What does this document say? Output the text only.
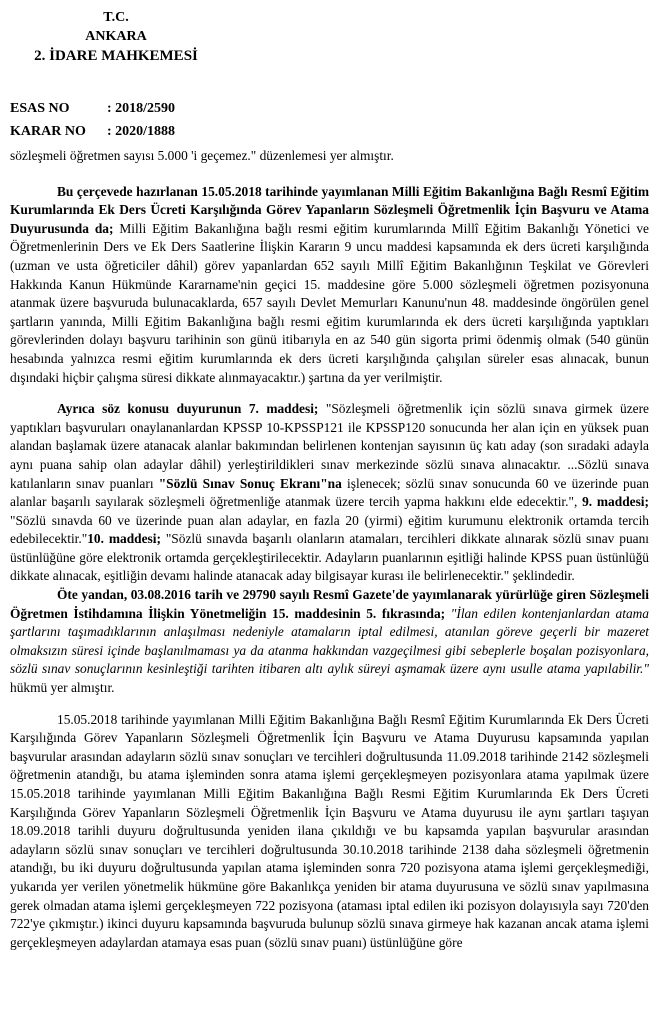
T.C.
ANKARA
2. İDARE MAHKEMESİ
ESAS NO	: 2018/2590
KARAR NO	: 2020/1888

sözleşmeli öğretmen sayısı 5.000 'i geçemez." düzenlemesi yer almıştır.

Bu çerçevede hazırlanan 15.05.2018 tarihinde yayımlanan Milli Eğitim Bakanlığına Bağlı Resmî Eğitim Kurumlarında Ek Ders Ücreti Karşılığında Görev Yapanların Sözleşmeli Öğretmenlik İçin Başvuru ve Atama Duyurusunda da; Milli Eğitim Bakanlığına bağlı resmi eğitim kurumlarında Millî Eğitim Bakanlığı Yönetici ve Öğretmenlerinin Ders ve Ek Ders Saatlerine İlişkin Kararın 9 uncu maddesi kapsamında ek ders ücreti karşılığında (uzman ve usta öğreticiler dâhil) görev yapanlardan 652 sayılı Millî Eğitim Bakanlığının Teşkilat ve Görevleri Hakkında Kanun Hükmünde Kararname'nin geçici 15. maddesine göre 5.000 sözleşmeli öğretmen pozisyonuna atanmak üzere başvuruda bulunacaklarda, 657 sayılı Devlet Memurları Kanunu'nun 48. maddesinde öngörülen genel şartların yanında, Milli Eğitim Bakanlığına bağlı resmi eğitim kurumlarında ek ders ücreti karşılığında yaptıkları görevlerinden dolayı başvuru tarihinin son günü itibarıyla en az 540 gün sigorta primi ödenmiş olmak (540 günün hesabında yalnızca resmi eğitim kurumlarında ek ders ücreti karşılığında çalışılan süreler esas alınacak, bunun dışındaki hiçbir çalışma süresi dikkate alınmayacaktır.) şartına da yer verilmiştir.

Ayrıca söz konusu duyurunun 7. maddesi; "Sözleşmeli öğretmenlik için sözlü sınava girmek üzere yaptıkları başvuruları onaylananlardan KPSSP 10-KPSSP121 ile KPSSP120 sonucunda her alan için en yüksek puan alandan başlamak üzere atanacak alanlar bakımından belirlenen kontenjan sayısının üç katı aday (son sıradaki adayla aynı puana sahip olan adaylar dâhil) yerleştirildikleri sınav merkezinde sözlü sınava alınacaktır. ...Sözlü sınava katılanların sınav puanları "Sözlü Sınav Sonuç Ekranı"na işlenecek; sözlü sınav sonucunda 60 ve üzerinde puan alanlar başarılı sayılarak sözleşmeli öğretmenliğe atanmak üzere tercih yapma hakkını elde edecektir.", 9. maddesi; "Sözlü sınavda 60 ve üzerinde puan alan adaylar, en fazla 20 (yirmi) eğitim kurumunu elektronik ortamda tercih edebilecektir."10. maddesi; "Sözlü sınavda başarılı olanların atamaları, tercihleri dikkate alınarak sözlü sınav puanı üstünlüğüne göre elektronik ortamda gerçekleştirilecektir. Adayların puanlarının eşitliği halinde KPSS puan üstünlüğü dikkate alınacak, eşitliğin devamı halinde atanacak aday bilgisayar kurası ile belirlenecektir." şeklindedir.

Öte yandan, 03.08.2016 tarih ve 29790 sayılı Resmî Gazete'de yayımlanarak yürürlüğe giren Sözleşmeli Öğretmen İstihdamına İlişkin Yönetmeliğin 15. maddesinin 5. fıkrasında; "İlan edilen kontenjanlardan atama şartlarını taşımadıklarının anlaşılması nedeniyle atamaların iptal edilmesi, atanılan göreve geçerli bir mazeret olmaksızın süresi içinde başlanılmaması ya da atanma hakkından vazgeçilmesi gibi sebeplerle boşalan pozisyonlara, sözlü sınav sonuçlarının kesinleştiği tarihten itibaren altı aylık süreyi aşmamak üzere aynı usulle atama yapılabilir." hükmü yer almıştır.

15.05.2018 tarihinde yayımlanan Milli Eğitim Bakanlığına Bağlı Resmî Eğitim Kurumlarında Ek Ders Ücreti Karşılığında Görev Yapanların Sözleşmeli Öğretmenlik İçin Başvuru ve Atama Duyurusu kapsamında yapılan başvurular arasından adayların sözlü sınav sonuçları ve tercihleri doğrultusunda 11.09.2018 tarihinde 2142 sözleşmeli öğretmenin atandığı, bu atama işleminden sonra atama işlemi gerçekleşmeyen pozisyonlara atama yapılmak üzere 15.05.2018 tarihinde yayımlanan Milli Eğitim Bakanlığına Bağlı Resmi Eğitim Kurumlarında Ek Ders Ücreti Karşılığında Görev Yapanların Sözleşmeli Öğretmenlik İçin Başvuru ve Atama duyurusu ile aynı şartları taşıyan 18.09.2018 tarihli duyuru doğrultusunda yeniden ilana çıkıldığı ve bu kapsamda yapılan başvurular arasından adayların sözlü sınav sonuçları ve tercihleri doğrultusunda 30.10.2018 tarihinde 2138 daha sözleşmeli öğretmenin atandığı, bu iki duyuru doğrultusunda yapılan atama işleminden sonra 720 pozisyona atama işlemi gerçekleşmediği, yukarıda yer verilen yönetmelik hükmüne göre Bakanlıkça yeniden bir atama duyurusuna ve sözlü sınav yapılmasına gerek olmadan atama işlemi gerçekleşmeyen 722 pozisyona (ataması iptal edilen iki pozisyon dolayısıyla sayı 720'den 722'ye çıkmıştır.) ikinci duyuru kapsamında başvuruda bulunup sözlü sınava girmeye hak kazanan ancak atama işlemi gerçekleşmeyen adaylardan atamaya esas puan (sözlü sınav puanı) üstünlüğüne göre
